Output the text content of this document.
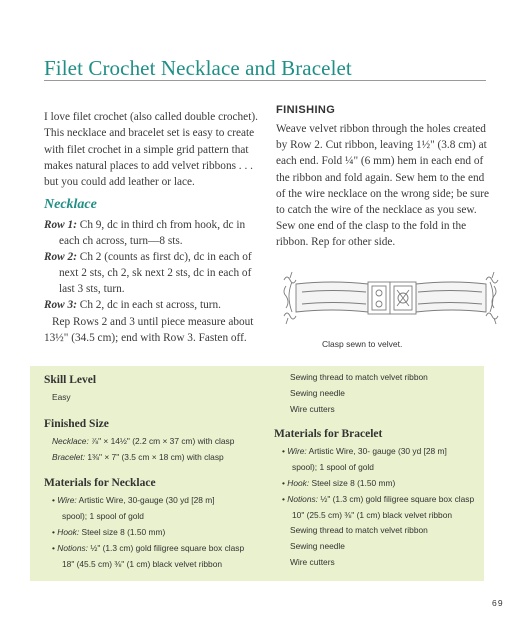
Filet Crochet Necklace and Bracelet

I love filet crochet (also called double crochet). This necklace and bracelet set is easy to create with filet crochet in a simple grid pattern that makes natural places to add velvet ribbons . . . but you could add leather or lace.

Necklace

Row 1: Ch 9, dc in third ch from hook, dc in each ch across, turn—8 sts.

Row 2: Ch 2 (counts as first dc), dc in each of next 2 sts, ch 2, sk next 2 sts, dc in each of last 3 sts, turn.

Row 3: Ch 2, dc in each st across, turn.

Rep Rows 2 and 3 until piece measure about 13½" (34.5 cm); end with Row 3. Fasten off.

FINISHING

Weave velvet ribbon through the holes created by Row 2. Cut ribbon, leaving 1½" (3.8 cm) at each end. Fold ¼" (6 mm) hem in each end of the ribbon and fold again. Sew hem to the end of the wire necklace on the wrong side; be sure to catch the wire of the necklace as you sew. Sew one end of the clasp to the fold in the ribbon. Rep for other side.

Clasp sewn to velvet.

Skill Level

Easy

Finished Size

Necklace: ⅞" × 14½" (2.2 cm × 37 cm) with clasp

Bracelet: 1⅜" × 7" (3.5 cm × 18 cm) with clasp

Materials for Necklace

• Wire: Artistic Wire, 30-gauge (30 yd [28 m]

spool); 1 spool of gold

• Hook: Steel size 8 (1.50 mm)

• Notions: ½" (1.3 cm) gold filigree square box clasp

18" (45.5 cm) ⅜" (1 cm) black velvet ribbon

Sewing thread to match velvet ribbon

Sewing needle

Wire cutters

Materials for Bracelet

• Wire: Artistic Wire, 30- gauge (30 yd [28 m]

spool); 1 spool of gold

• Hook: Steel size 8 (1.50 mm)

• Notions: ½" (1.3 cm) gold filigree square box clasp

10" (25.5 cm) ⅜" (1 cm) black velvet ribbon

Sewing thread to match velvet ribbon

Sewing needle

Wire cutters

69
